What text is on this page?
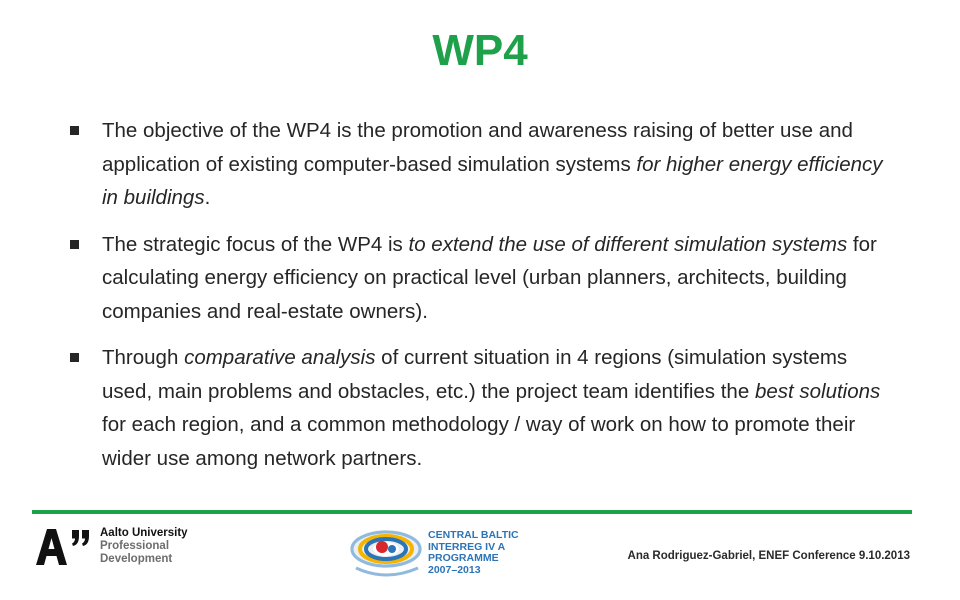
WP4
The objective of the WP4 is the promotion and awareness raising of better use and application of existing computer-based simulation systems for higher energy efficiency in buildings.
The strategic focus of the WP4 is to extend the use of different simulation systems for calculating energy efficiency on practical level (urban planners, architects, building companies and real-estate owners).
Through comparative analysis of current situation in 4 regions (simulation systems used, main problems and obstacles, etc.) the project team identifies the best solutions for each region, and a common methodology / way of work on how to promote their wider use among network partners.
Aalto University
Professional
Development
CENTRAL BALTIC
INTERREG IV A
PROGRAMME
2007–2013
Ana Rodriguez-Gabriel, ENEF Conference 9.10.2013
